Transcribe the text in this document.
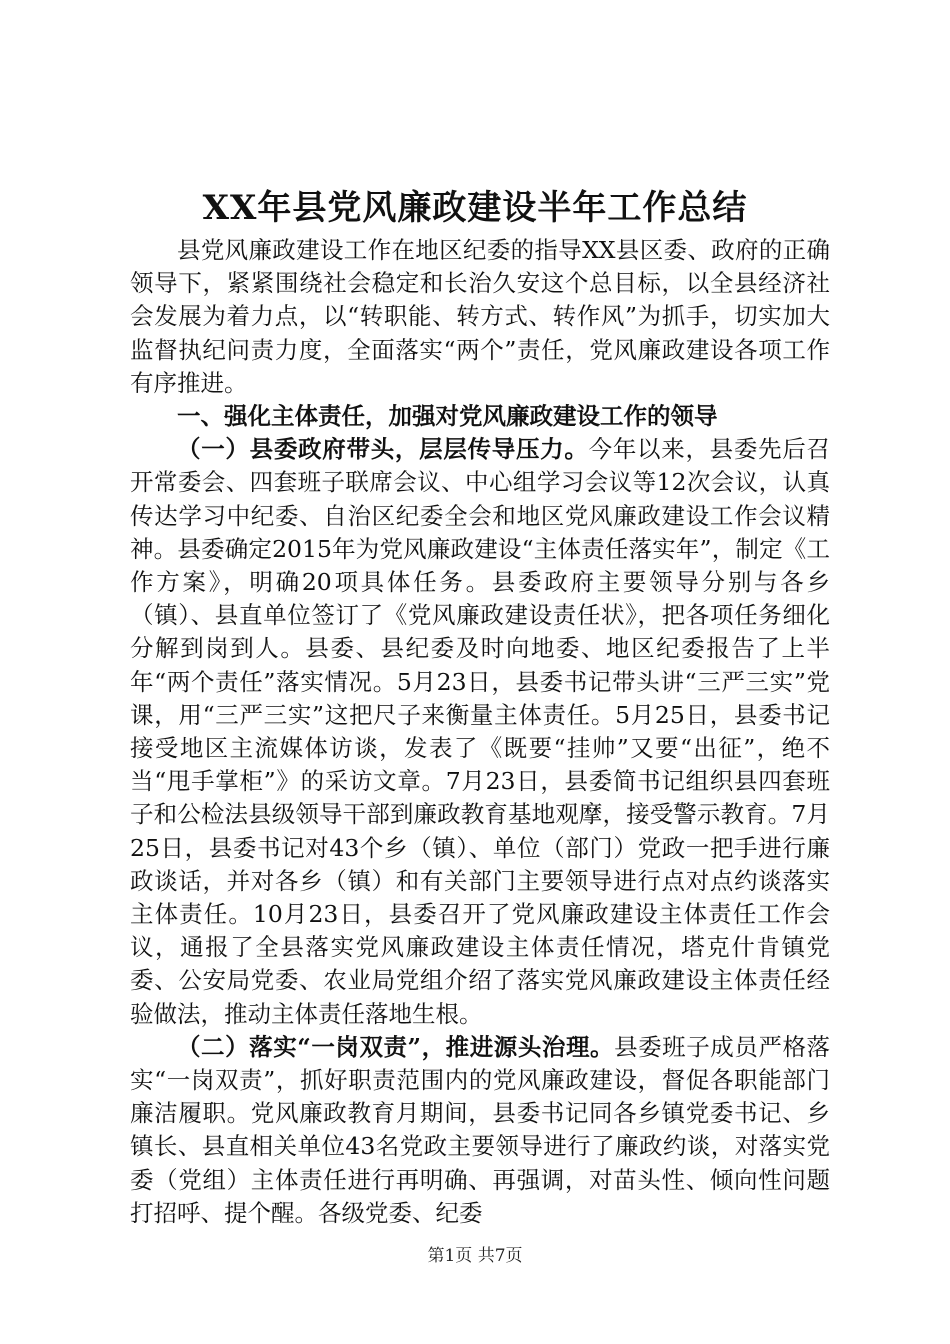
XX年县党风廉政建设半年工作总结

县党风廉政建设工作在地区纪委的指导XX县区委、政府的正确领导下，紧紧围绕社会稳定和长治久安这个总目标，以全县经济社会发展为着力点，以“转职能、转方式、转作风”为抓手，切实加大监督执纪问责力度，全面落实“两个”责任，党风廉政建设各项工作有序推进。

一、强化主体责任，加强对党风廉政建设工作的领导

（一）县委政府带头，层层传导压力。今年以来，县委先后召开常委会、四套班子联席会议、中心组学习会议等12次会议，认真传达学习中纪委、自治区纪委全会和地区党风廉政建设工作会议精神。县委确定2015年为党风廉政建设“主体责任落实年”，制定《工作方案》，明确20项具体任务。县委政府主要领导分别与各乡（镇）、县直单位签订了《党风廉政建设责任状》，把各项任务细化分解到岗到人。县委、县纪委及时向地委、地区纪委报告了上半年“两个责任”落实情况。5月23日，县委书记带头讲“三严三实”党课，用“三严三实”这把尺子来衡量主体责任。5月25日，县委书记接受地区主流媒体访谈，发表了《既要“挂帅”又要“出征”，绝不当“甩手掌柜”》的采访文章。7月23日，县委简书记组织县四套班子和公检法县级领导干部到廉政教育基地观摩，接受警示教育。7月25日，县委书记对43个乡（镇）、单位（部门）党政一把手进行廉政谈话，并对各乡（镇）和有关部门主要领导进行点对点约谈落实主体责任。10月23日，县委召开了党风廉政建设主体责任工作会议，通报了全县落实党风廉政建设主体责任情况，塔克什肯镇党委、公安局党委、农业局党组介绍了落实党风廉政建设主体责任经验做法，推动主体责任落地生根。

（二）落实“一岗双责”，推进源头治理。县委班子成员严格落实“一岗双责”，抓好职责范围内的党风廉政建设，督促各职能部门廉洁履职。党风廉政教育月期间，县委书记同各乡镇党委书记、乡镇长、县直相关单位43名党政主要领导进行了廉政约谈，对落实党委（党组）主体责任进行再明确、再强调，对苗头性、倾向性问题打招呼、提个醒。各级党委、纪委

第1页 共7页
